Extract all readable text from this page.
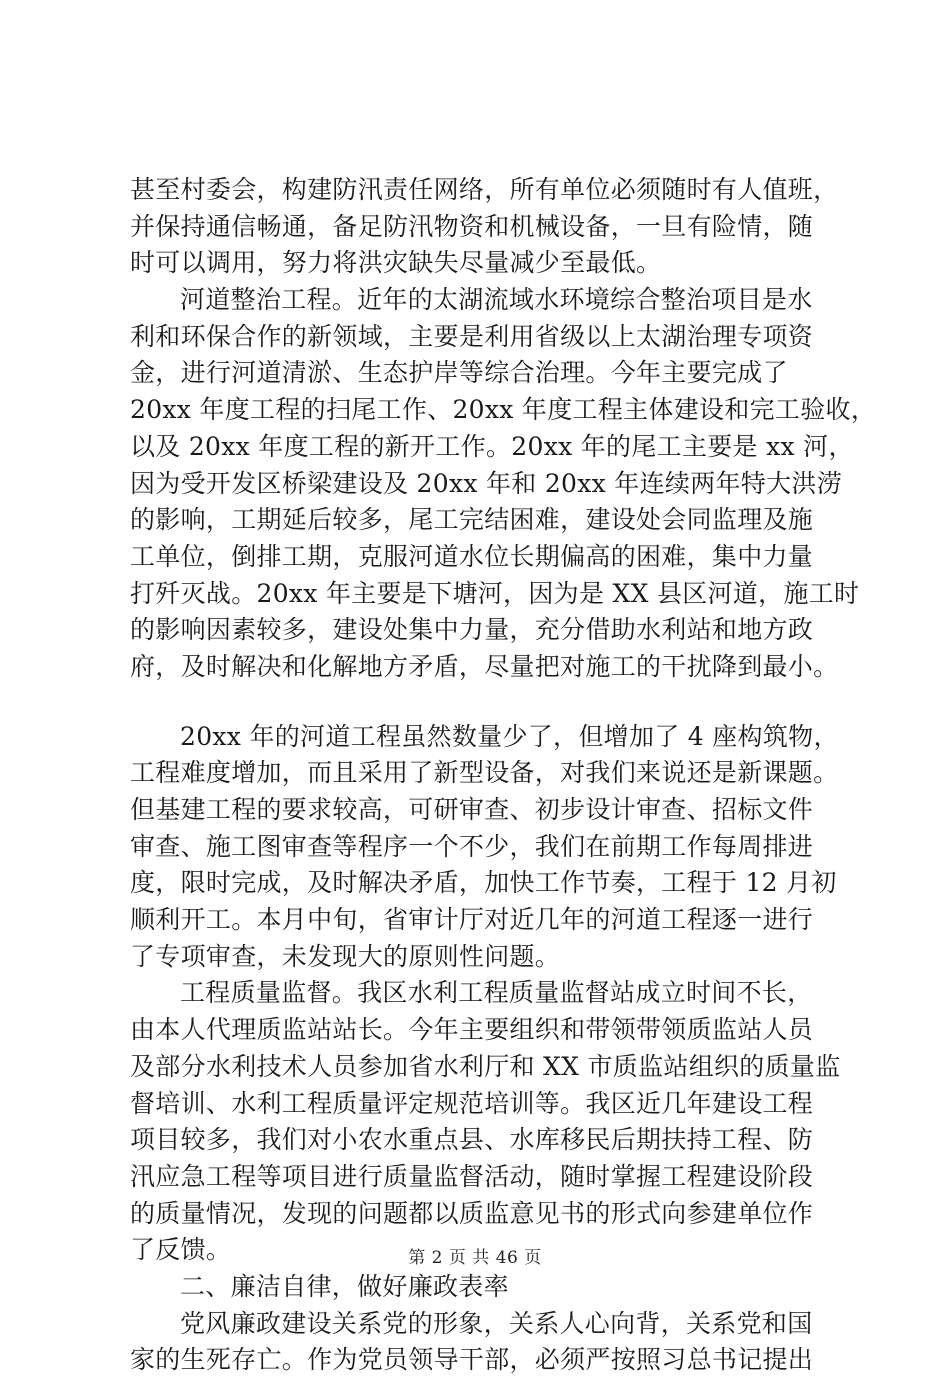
甚至村委会，构建防汛责任网络，所有单位必须随时有人值班，
并保持通信畅通，备足防汛物资和机械设备，一旦有险情，随
时可以调用，努力将洪灾缺失尽量减少至最低。
河道整治工程。近年的太湖流域水环境综合整治项目是水
利和环保合作的新领域，主要是利用省级以上太湖治理专项资
金，进行河道清淤、生态护岸等综合治理。今年主要完成了
20xx 年度工程的扫尾工作、20xx 年度工程主体建设和完工验收，
以及 20xx 年度工程的新开工作。20xx 年的尾工主要是 xx 河，
因为受开发区桥梁建设及 20xx 年和 20xx 年连续两年特大洪涝
的影响，工期延后较多，尾工完结困难，建设处会同监理及施
工单位，倒排工期，克服河道水位长期偏高的困难，集中力量
打歼灭战。20xx 年主要是下塘河，因为是 XX 县区河道，施工时
的影响因素较多，建设处集中力量，充分借助水利站和地方政
府，及时解决和化解地方矛盾，尽量把对施工的干扰降到最小。
20xx 年的河道工程虽然数量少了，但增加了 4 座构筑物，
工程难度增加，而且采用了新型设备，对我们来说还是新课题。
但基建工程的要求较高，可研审查、初步设计审查、招标文件
审查、施工图审查等程序一个不少，我们在前期工作每周排进
度，限时完成，及时解决矛盾，加快工作节奏，工程于 12 月初
顺利开工。本月中旬，省审计厅对近几年的河道工程逐一进行
了专项审查，未发现大的原则性问题。
工程质量监督。我区水利工程质量监督站成立时间不长，
由本人代理质监站站长。今年主要组织和带领带领质监站人员
及部分水利技术人员参加省水利厅和 XX 市质监站组织的质量监
督培训、水利工程质量评定规范培训等。我区近几年建设工程
项目较多，我们对小农水重点县、水库移民后期扶持工程、防
汛应急工程等项目进行质量监督活动，随时掌握工程建设阶段
的质量情况，发现的问题都以质监意见书的形式向参建单位作
了反馈。
二、廉洁自律，做好廉政表率
党风廉政建设关系党的形象，关系人心向背，关系党和国
家的生死存亡。作为党员领导干部，必须严按照习总书记提出
第 2 页 共 46 页
